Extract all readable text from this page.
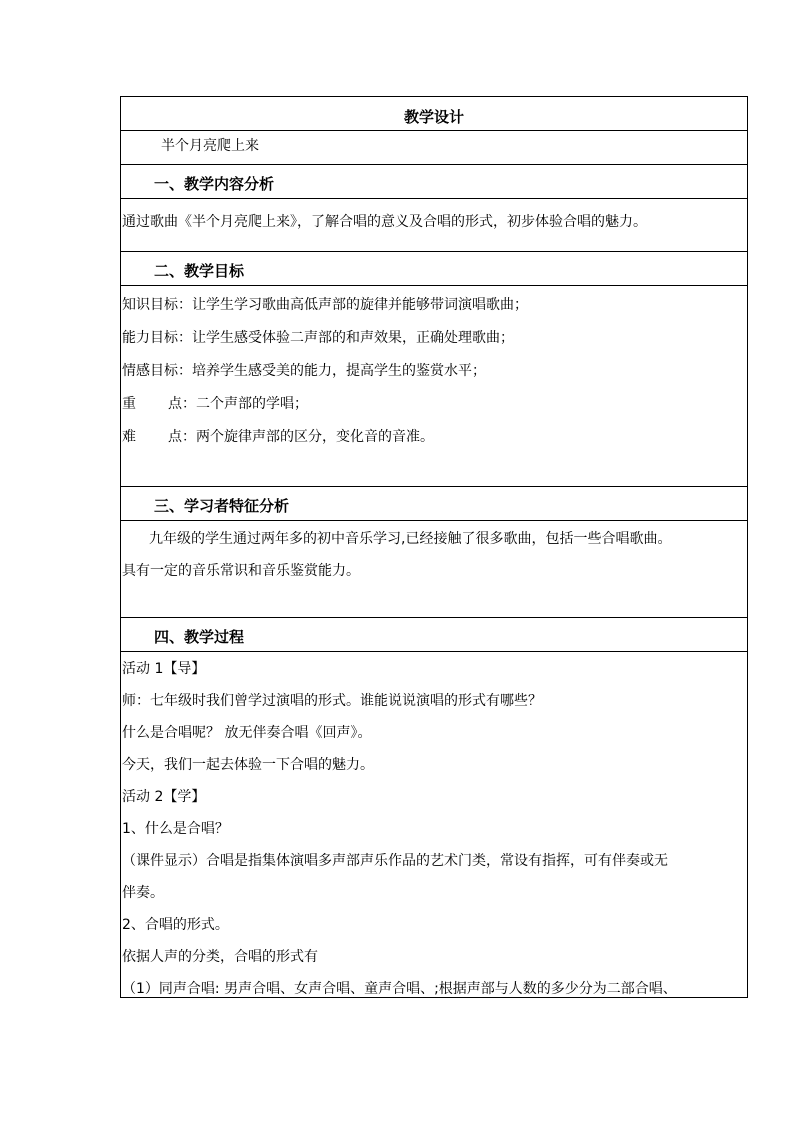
教学设计
半个月亮爬上来
一、教学内容分析

通过歌曲《半个月亮爬上来》，了解合唱的意义及合唱的形式，初步体验合唱的魅力。

二、教学目标

知识目标：让学生学习歌曲高低声部的旋律并能够带词演唱歌曲；

能力目标：让学生感受体验二声部的和声效果，正确处理歌曲；

情感目标：培养学生感受美的能力，提高学生的鉴赏水平；

重 点：二个声部的学唱；

难 点：两个旋律声部的区分，变化音的音准。

三、学习者特征分析

九年级的学生通过两年多的初中音乐学习,已经接触了很多歌曲，包括一些合唱歌曲。

具有一定的音乐常识和音乐鉴赏能力。

四、教学过程

活动 1【导】

师：七年级时我们曾学过演唱的形式。谁能说说演唱的形式有哪些？

什么是合唱呢？ 放无伴奏合唱《回声》。

今天，我们一起去体验一下合唱的魅力。

活动 2【学】

1、什么是合唱？

（课件显示）合唱是指集体演唱多声部声乐作品的艺术门类，常设有指挥，可有伴奏或无

伴奏。

2、合唱的形式。

依据人声的分类，合唱的形式有

（1）同声合唱: 男声合唱、女声合唱、童声合唱、;根据声部与人数的多少分为二部合唱、
